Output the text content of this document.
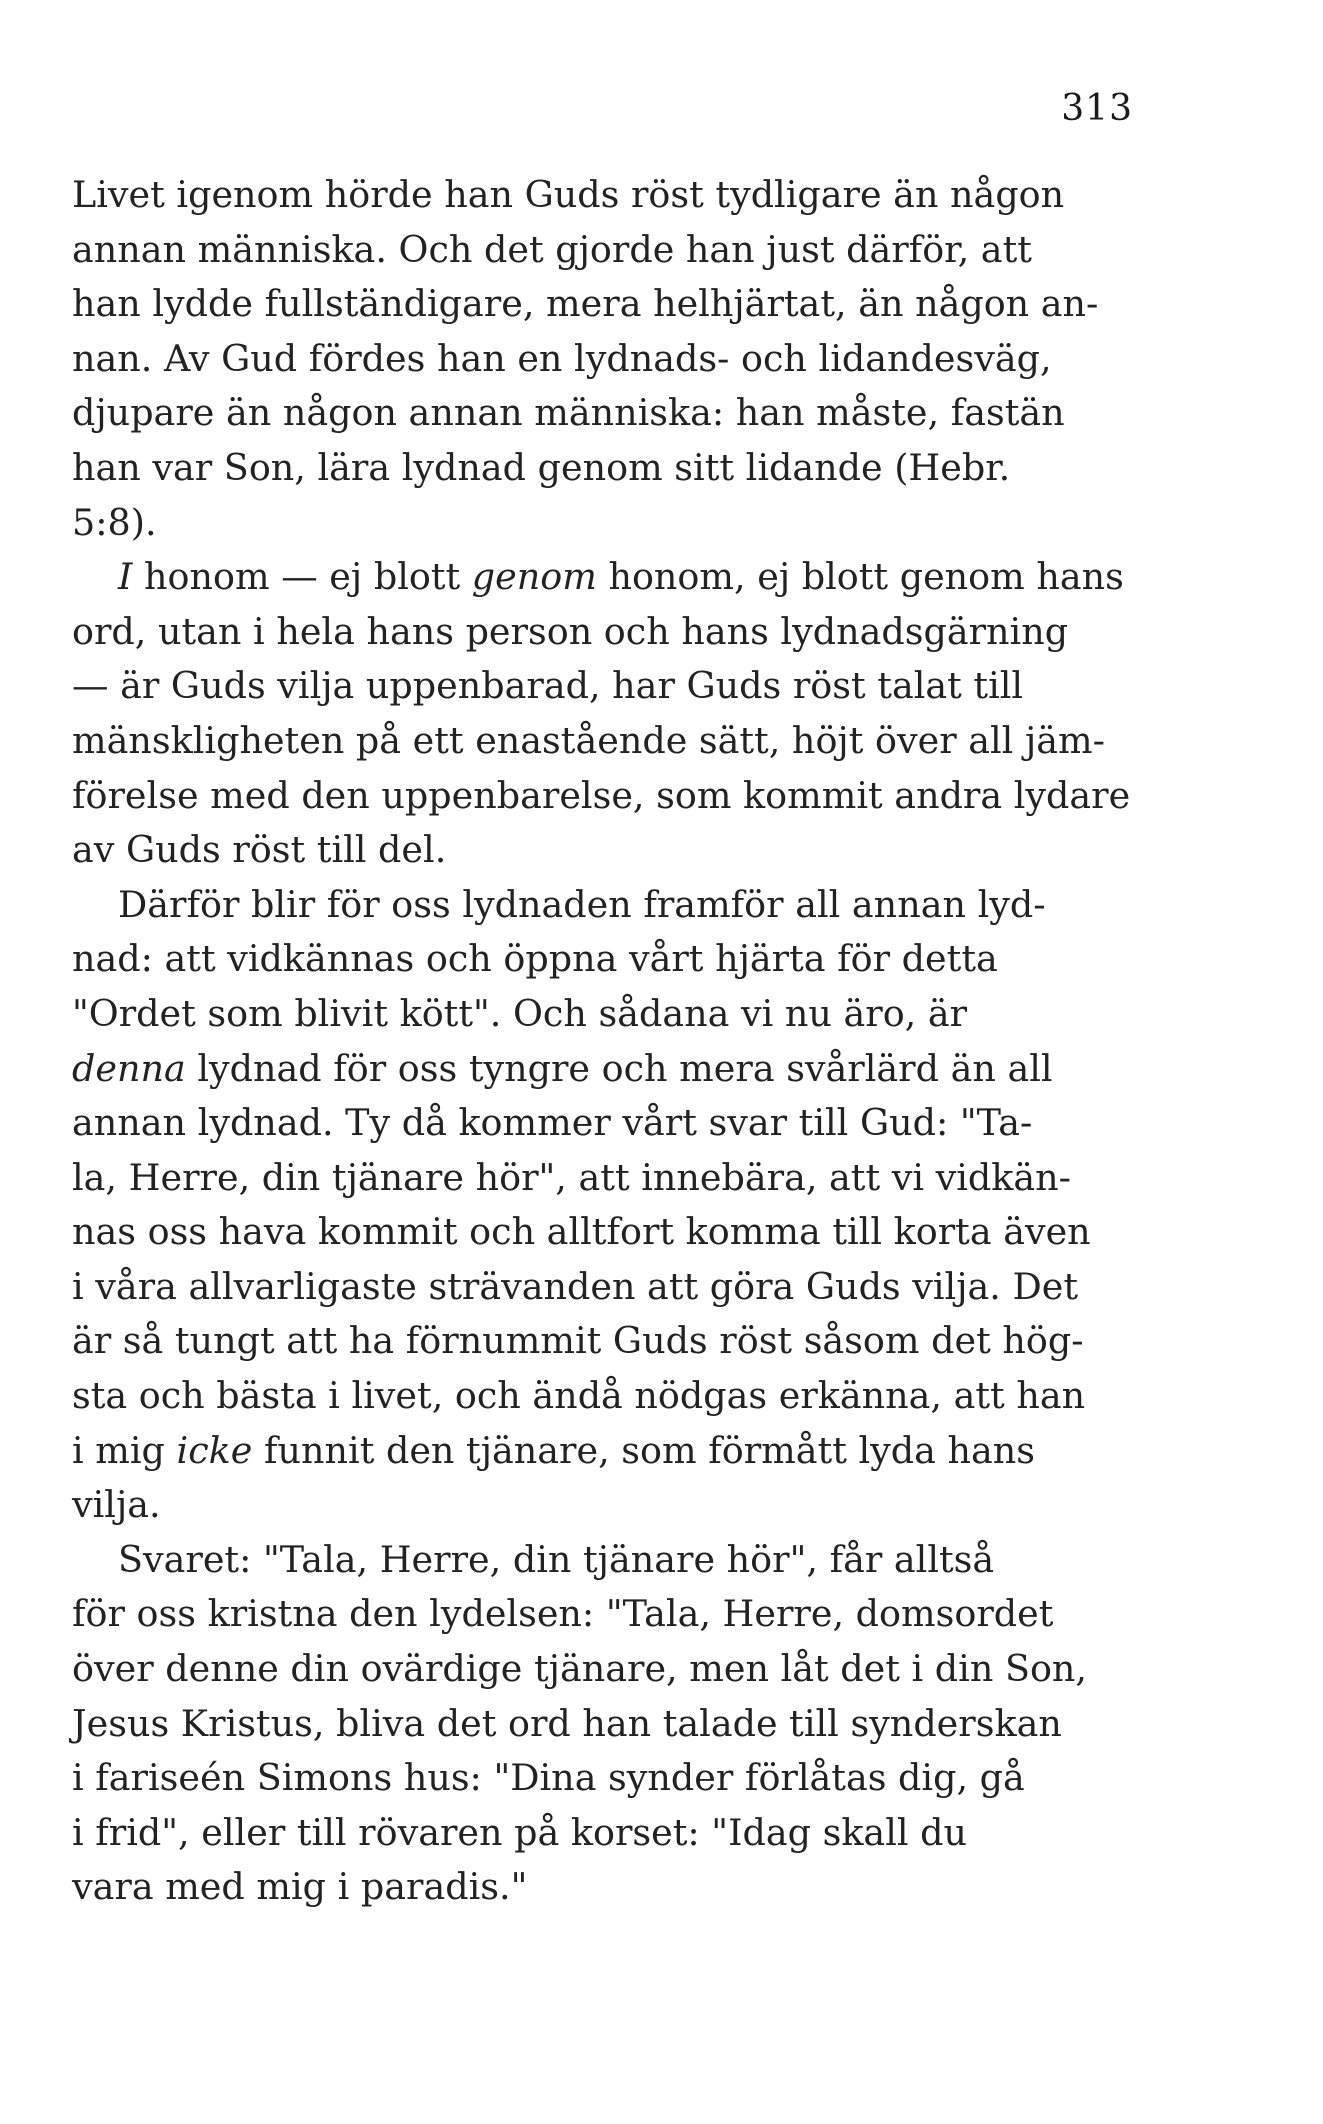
313
Livet igenom hörde han Guds röst tydligare än någon
annan människa. Och det gjorde han just därför, att
han lydde fullständigare, mera helhjärtat, än någon an-
nan. Av Gud fördes han en lydnads- och lidandesväg,
djupare än någon annan människa: han måste, fastän
han var Son, lära lydnad genom sitt lidande (Hebr.
5:8).
I honom — ej blott genom honom, ej blott genom hans
ord, utan i hela hans person och hans lydnadsgärning
— är Guds vilja uppenbarad, har Guds röst talat till
mänskligheten på ett enastående sätt, höjt över all jäm-
förelse med den uppenbarelse, som kommit andra lydare
av Guds röst till del.
Därför blir för oss lydnaden framför all annan lyd-
nad: att vidkännas och öppna vårt hjärta för detta
"Ordet som blivit kött". Och sådana vi nu äro, är
denna lydnad för oss tyngre och mera svårlärd än all
annan lydnad. Ty då kommer vårt svar till Gud: "Ta-
la, Herre, din tjänare hör", att innebära, att vi vidkän-
nas oss hava kommit och alltfort komma till korta även
i våra allvarligaste strävanden att göra Guds vilja. Det
är så tungt att ha förnummit Guds röst såsom det hög-
sta och bästa i livet, och ändå nödgas erkänna, att han
i mig icke funnit den tjänare, som förmått lyda hans
vilja.
Svaret: "Tala, Herre, din tjänare hör", får alltså
för oss kristna den lydelsen: "Tala, Herre, domsordet
över denne din ovärdige tjänare, men låt det i din Son,
Jesus Kristus, bliva det ord han talade till synderskan
i fariseén Simons hus: "Dina synder förlåtas dig, gå
i frid", eller till rövaren på korset: "Idag skall du
vara med mig i paradis."
